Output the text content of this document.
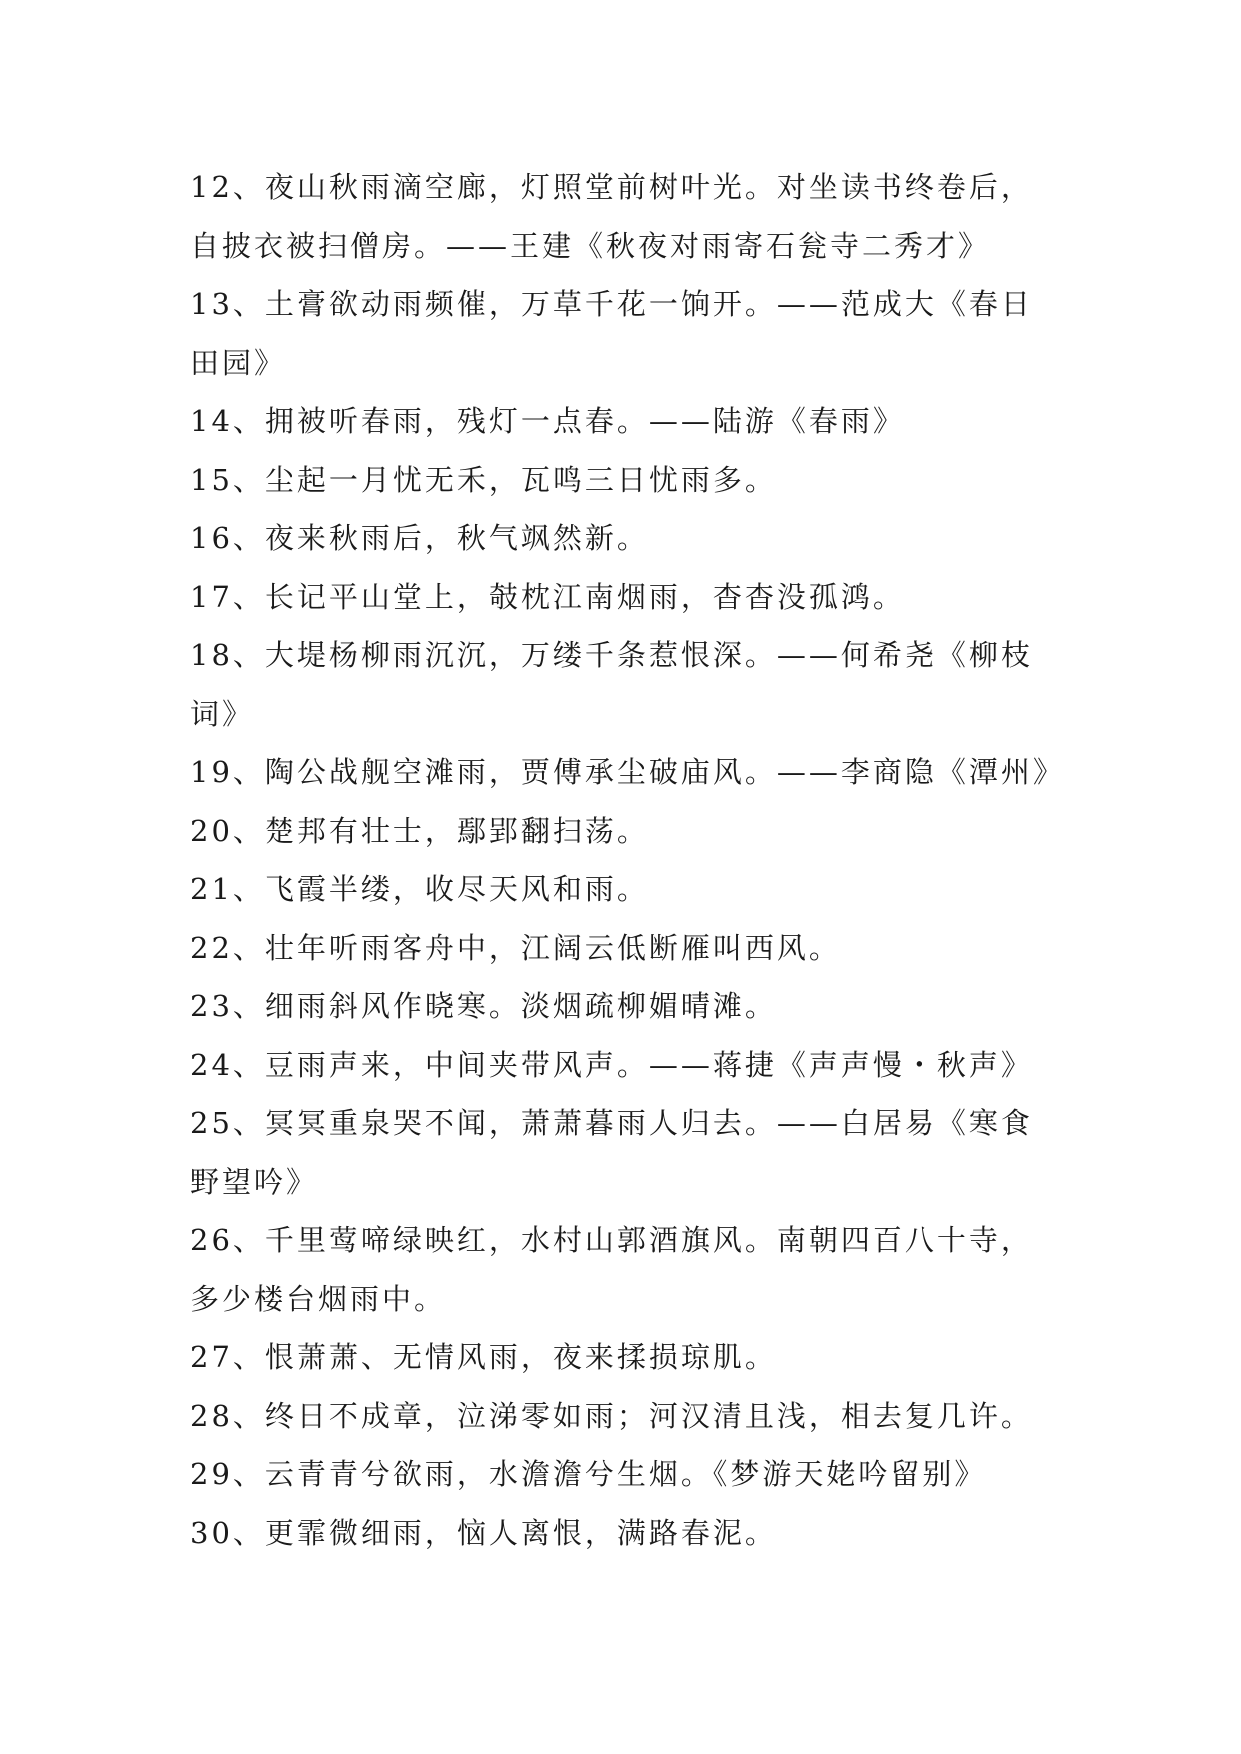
12、夜山秋雨滴空廊，灯照堂前树叶光。对坐读书终卷后，
自披衣被扫僧房。——王建《秋夜对雨寄石瓮寺二秀才》
13、土膏欲动雨频催，万草千花一饷开。——范成大《春日
田园》
14、拥被听春雨，残灯一点春。——陆游《春雨》
15、尘起一月忧无禾，瓦鸣三日忧雨多。
16、夜来秋雨后，秋气飒然新。
17、长记平山堂上，攲枕江南烟雨，杳杳没孤鸿。
18、大堤杨柳雨沉沉，万缕千条惹恨深。——何希尧《柳枝
词》
19、陶公战舰空滩雨，贾傅承尘破庙风。——李商隐《潭州》
20、楚邦有壮士，鄢郢翻扫荡。
21、飞霞半缕，收尽天风和雨。
22、壮年听雨客舟中，江阔云低断雁叫西风。
23、细雨斜风作晓寒。淡烟疏柳媚晴滩。
24、豆雨声来，中间夹带风声。——蒋捷《声声慢・秋声》
25、冥冥重泉哭不闻，萧萧暮雨人归去。——白居易《寒食
野望吟》
26、千里莺啼绿映红，水村山郭酒旗风。南朝四百八十寺，
多少楼台烟雨中。
27、恨萧萧、无情风雨，夜来揉损琼肌。
28、终日不成章，泣涕零如雨；河汉清且浅，相去复几许。
29、云青青兮欲雨，水澹澹兮生烟。《梦游天姥吟留别》
30、更霏微细雨，恼人离恨，满路春泥。
